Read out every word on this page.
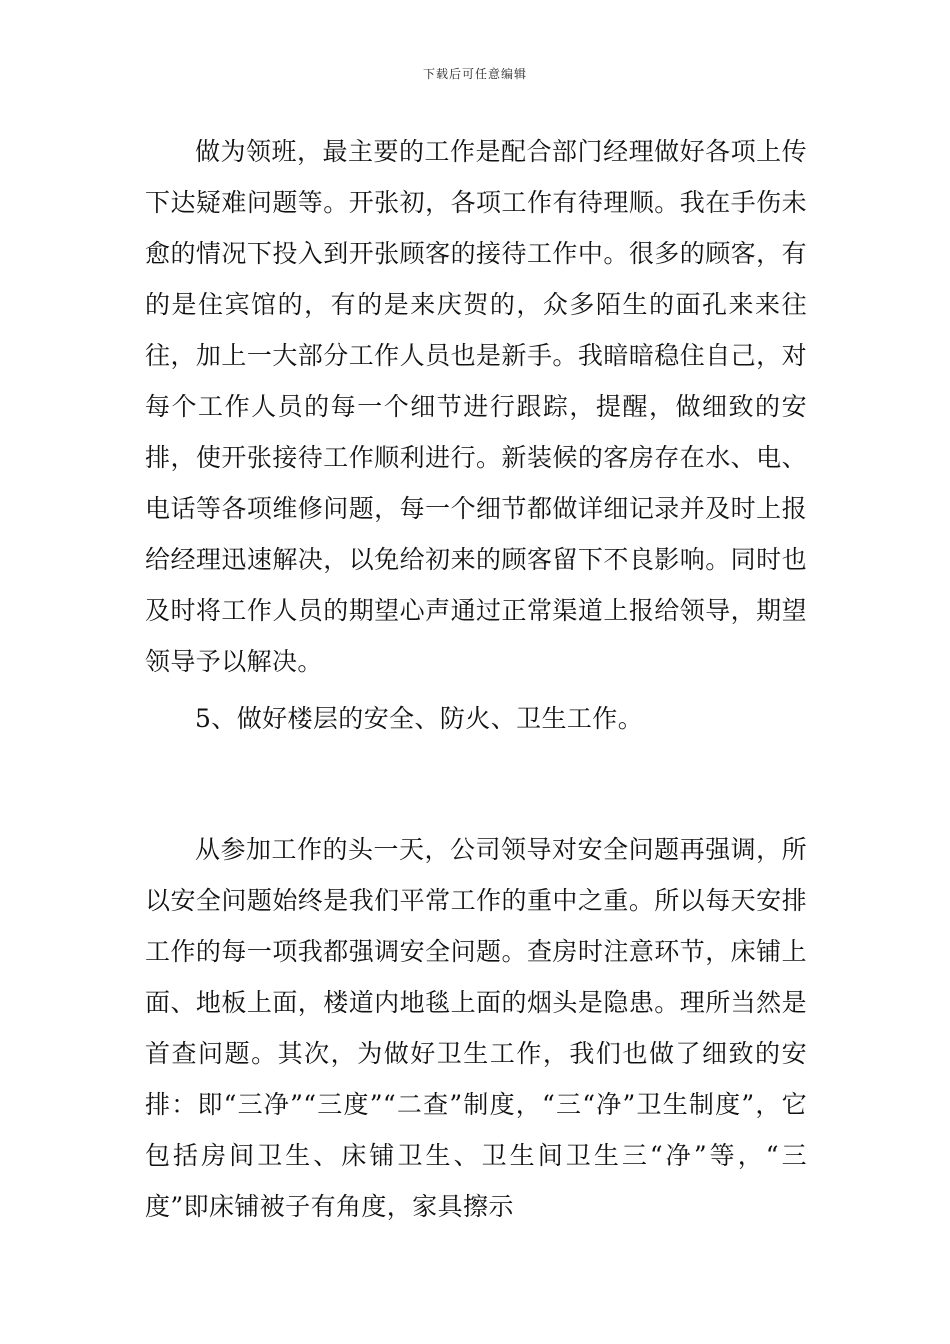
下载后可任意编辑

做为领班，最主要的工作是配合部门经理做好各项上传下达疑难问题等。开张初，各项工作有待理顺。我在手伤未愈的情况下投入到开张顾客的接待工作中。很多的顾客，有的是住宾馆的，有的是来庆贺的，众多陌生的面孔来来往往，加上一大部分工作人员也是新手。我暗暗稳住自己，对每个工作人员的每一个细节进行跟踪，提醒，做细致的安排，使开张接待工作顺利进行。新装候的客房存在水、电、电话等各项维修问题，每一个细节都做详细记录并及时上报给经理迅速解决，以免给初来的顾客留下不良影响。同时也及时将工作人员的期望心声通过正常渠道上报给领导，期望领导予以解决。

5、做好楼层的安全、防火、卫生工作。

从参加工作的头一天，公司领导对安全问题再强调，所以安全问题始终是我们平常工作的重中之重。所以每天安排工作的每一项我都强调安全问题。查房时注意环节，床铺上面、地板上面，楼道内地毯上面的烟头是隐患。理所当然是首查问题。其次，为做好卫生工作，我们也做了细致的安排：即“三净”“三度”“二查”制度，“三“净”卫生制度”，它包括房间卫生、床铺卫生、卫生间卫生三“净”等，“三度”即床铺被子有角度，家具擦示
